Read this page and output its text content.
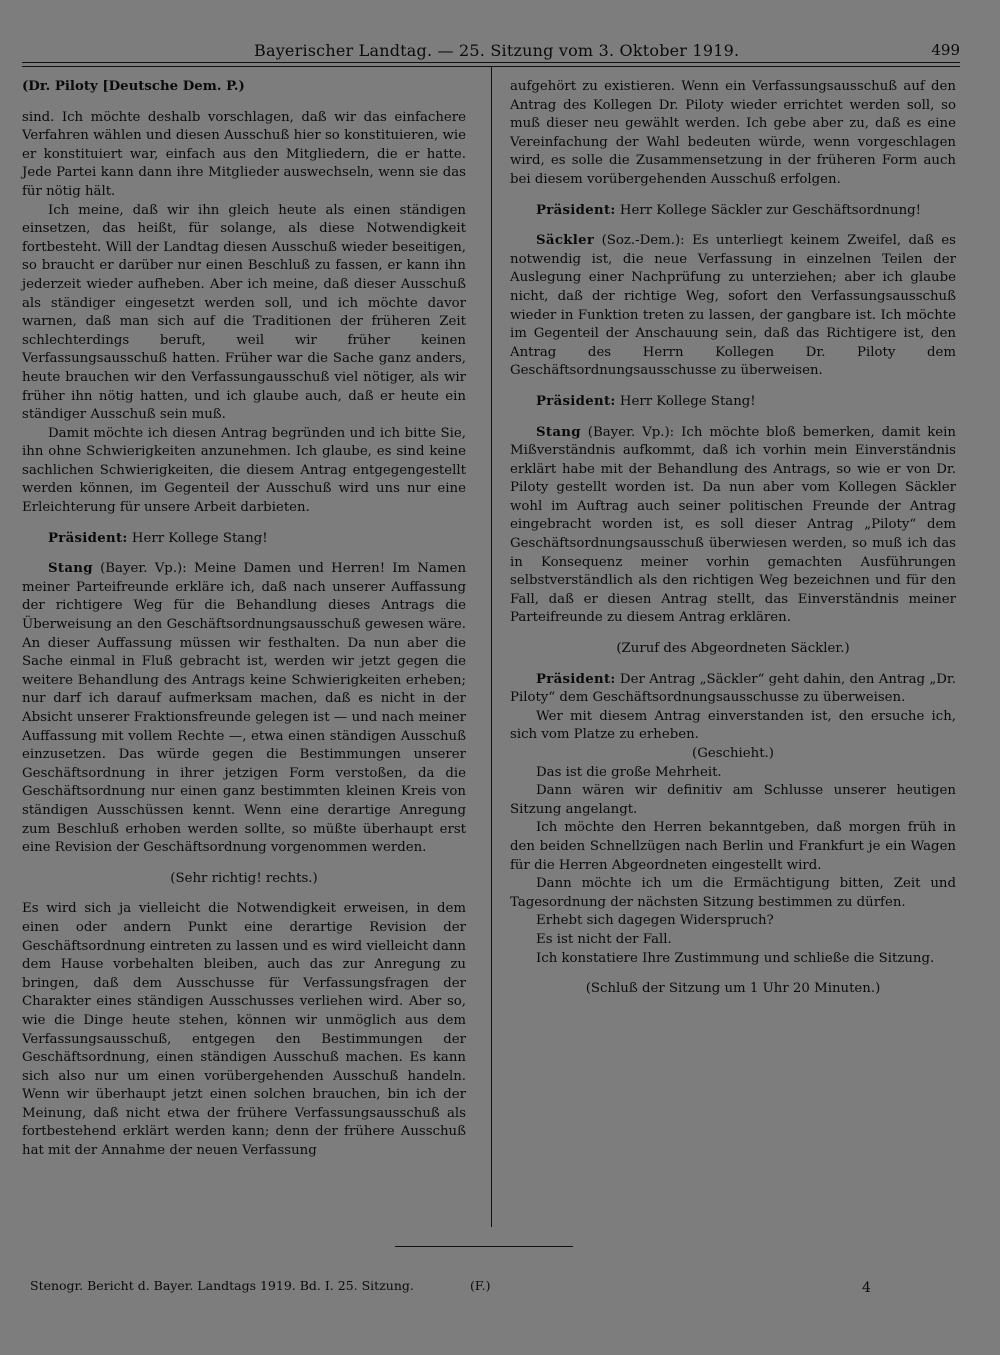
Bayerischer Landtag. — 25. Sitzung vom 3. Oktober 1919.	499

(Dr. Piloty [Deutsche Dem. P.)

sind. Ich möchte deshalb vorschlagen, daß wir das einfachere Verfahren wählen und diesen Ausschuß hier so konstituieren, wie er konstituiert war, einfach aus den Mitgliedern, die er hatte. Jede Partei kann dann ihre Mitglieder auswechseln, wenn sie das für nötig hält.

Ich meine, daß wir ihn gleich heute als einen ständigen einsetzen, das heißt, für solange, als diese Notwendigkeit fortbesteht. Will der Landtag diesen Ausschuß wieder beseitigen, so braucht er darüber nur einen Beschluß zu fassen, er kann ihn jederzeit wieder aufheben. Aber ich meine, daß dieser Ausschuß als ständiger eingesetzt werden soll, und ich möchte davor warnen, daß man sich auf die Traditionen der früheren Zeit schlechterdings beruft, weil wir früher keinen Verfassungsausschuß hatten. Früher war die Sache ganz anders, heute brauchen wir den Verfassungausschuß viel nötiger, als wir früher ihn nötig hatten, und ich glaube auch, daß er heute ein ständiger Ausschuß sein muß.

Damit möchte ich diesen Antrag begründen und ich bitte Sie, ihn ohne Schwierigkeiten anzunehmen. Ich glaube, es sind keine sachlichen Schwierigkeiten, die diesem Antrag entgegengestellt werden können, im Gegenteil der Ausschuß wird uns nur eine Erleichterung für unsere Arbeit darbieten.

Präsident: Herr Kollege Stang!

Stang (Bayer. Vp.): Meine Damen und Herren! Im Namen meiner Parteifreunde erkläre ich, daß nach unserer Auffassung der richtigere Weg für die Behandlung dieses Antrags die Überweisung an den Geschäftsordnungsausschuß gewesen wäre. An dieser Auffassung müssen wir festhalten. Da nun aber die Sache einmal in Fluß gebracht ist, werden wir jetzt gegen die weitere Behandlung des Antrags keine Schwierigkeiten erheben; nur darf ich darauf aufmerksam machen, daß es nicht in der Absicht unserer Fraktionsfreunde gelegen ist — und nach meiner Auffassung mit vollem Rechte —, etwa einen ständigen Ausschuß einzusetzen. Das würde gegen die Bestimmungen unserer Geschäftsordnung in ihrer jetzigen Form verstoßen, da die Geschäftsordnung nur einen ganz bestimmten kleinen Kreis von ständigen Ausschüssen kennt. Wenn eine derartige Anregung zum Beschluß erhoben werden sollte, so müßte überhaupt erst eine Revision der Geschäftsordnung vorgenommen werden.

(Sehr richtig! rechts.)

Es wird sich ja vielleicht die Notwendigkeit erweisen, in dem einen oder andern Punkt eine derartige Revision der Geschäftsordnung eintreten zu lassen und es wird vielleicht dann dem Hause vorbehalten bleiben, auch das zur Anregung zu bringen, daß dem Ausschusse für Verfassungsfragen der Charakter eines ständigen Ausschusses verliehen wird. Aber so, wie die Dinge heute stehen, können wir unmöglich aus dem Verfassungsausschuß, entgegen den Bestimmungen der Geschäftsordnung, einen ständigen Ausschuß machen. Es kann sich also nur um einen vorübergehenden Ausschuß handeln. Wenn wir überhaupt jetzt einen solchen brauchen, bin ich der Meinung, daß nicht etwa der frühere Verfassungsausschuß als fortbestehend erklärt werden kann; denn der frühere Ausschuß hat mit der Annahme der neuen Verfassung

aufgehört zu existieren. Wenn ein Verfassungsausschuß auf den Antrag des Kollegen Dr. Piloty wieder errichtet werden soll, so muß dieser neu gewählt werden. Ich gebe aber zu, daß es eine Vereinfachung der Wahl bedeuten würde, wenn vorgeschlagen wird, es solle die Zusammensetzung in der früheren Form auch bei diesem vorübergehenden Ausschuß erfolgen.

Präsident: Herr Kollege Säckler zur Geschäftsordnung!

Säckler (Soz.-Dem.): Es unterliegt keinem Zweifel, daß es notwendig ist, die neue Verfassung in einzelnen Teilen der Auslegung einer Nachprüfung zu unterziehen; aber ich glaube nicht, daß der richtige Weg, sofort den Verfassungsausschuß wieder in Funktion treten zu lassen, der gangbare ist. Ich möchte im Gegenteil der Anschauung sein, daß das Richtigere ist, den Antrag des Herrn Kollegen Dr. Piloty dem Geschäftsordnungsausschusse zu überweisen.

Präsident: Herr Kollege Stang!

Stang (Bayer. Vp.): Ich möchte bloß bemerken, damit kein Mißverständnis aufkommt, daß ich vorhin mein Einverständnis erklärt habe mit der Behandlung des Antrags, so wie er von Dr. Piloty gestellt worden ist. Da nun aber vom Kollegen Säckler wohl im Auftrag auch seiner politischen Freunde der Antrag eingebracht worden ist, es soll dieser Antrag „Piloty“ dem Geschäftsordnungsausschuß überwiesen werden, so muß ich das in Konsequenz meiner vorhin gemachten Ausführungen selbstverständlich als den richtigen Weg bezeichnen und für den Fall, daß er diesen Antrag stellt, das Einverständnis meiner Parteifreunde zu diesem Antrag erklären.

(Zuruf des Abgeordneten Säckler.)

Präsident: Der Antrag „Säckler“ geht dahin, den Antrag „Dr. Piloty“ dem Geschäftsordnungsausschusse zu überweisen.

Wer mit diesem Antrag einverstanden ist, den ersuche ich, sich vom Platze zu erheben.

(Geschieht.)

Das ist die große Mehrheit.

Dann wären wir definitiv am Schlusse unserer heutigen Sitzung angelangt.

Ich möchte den Herren bekanntgeben, daß morgen früh in den beiden Schnellzügen nach Berlin und Frankfurt je ein Wagen für die Herren Abgeordneten eingestellt wird.

Dann möchte ich um die Ermächtigung bitten, Zeit und Tagesordnung der nächsten Sitzung bestimmen zu dürfen.

Erhebt sich dagegen Widerspruch?

Es ist nicht der Fall.

Ich konstatiere Ihre Zustimmung und schließe die Sitzung.

(Schluß der Sitzung um 1 Uhr 20 Minuten.)

Stenogr. Bericht d. Bayer. Landtags 1919. Bd. I. 25. Sitzung.	(F.)	4
